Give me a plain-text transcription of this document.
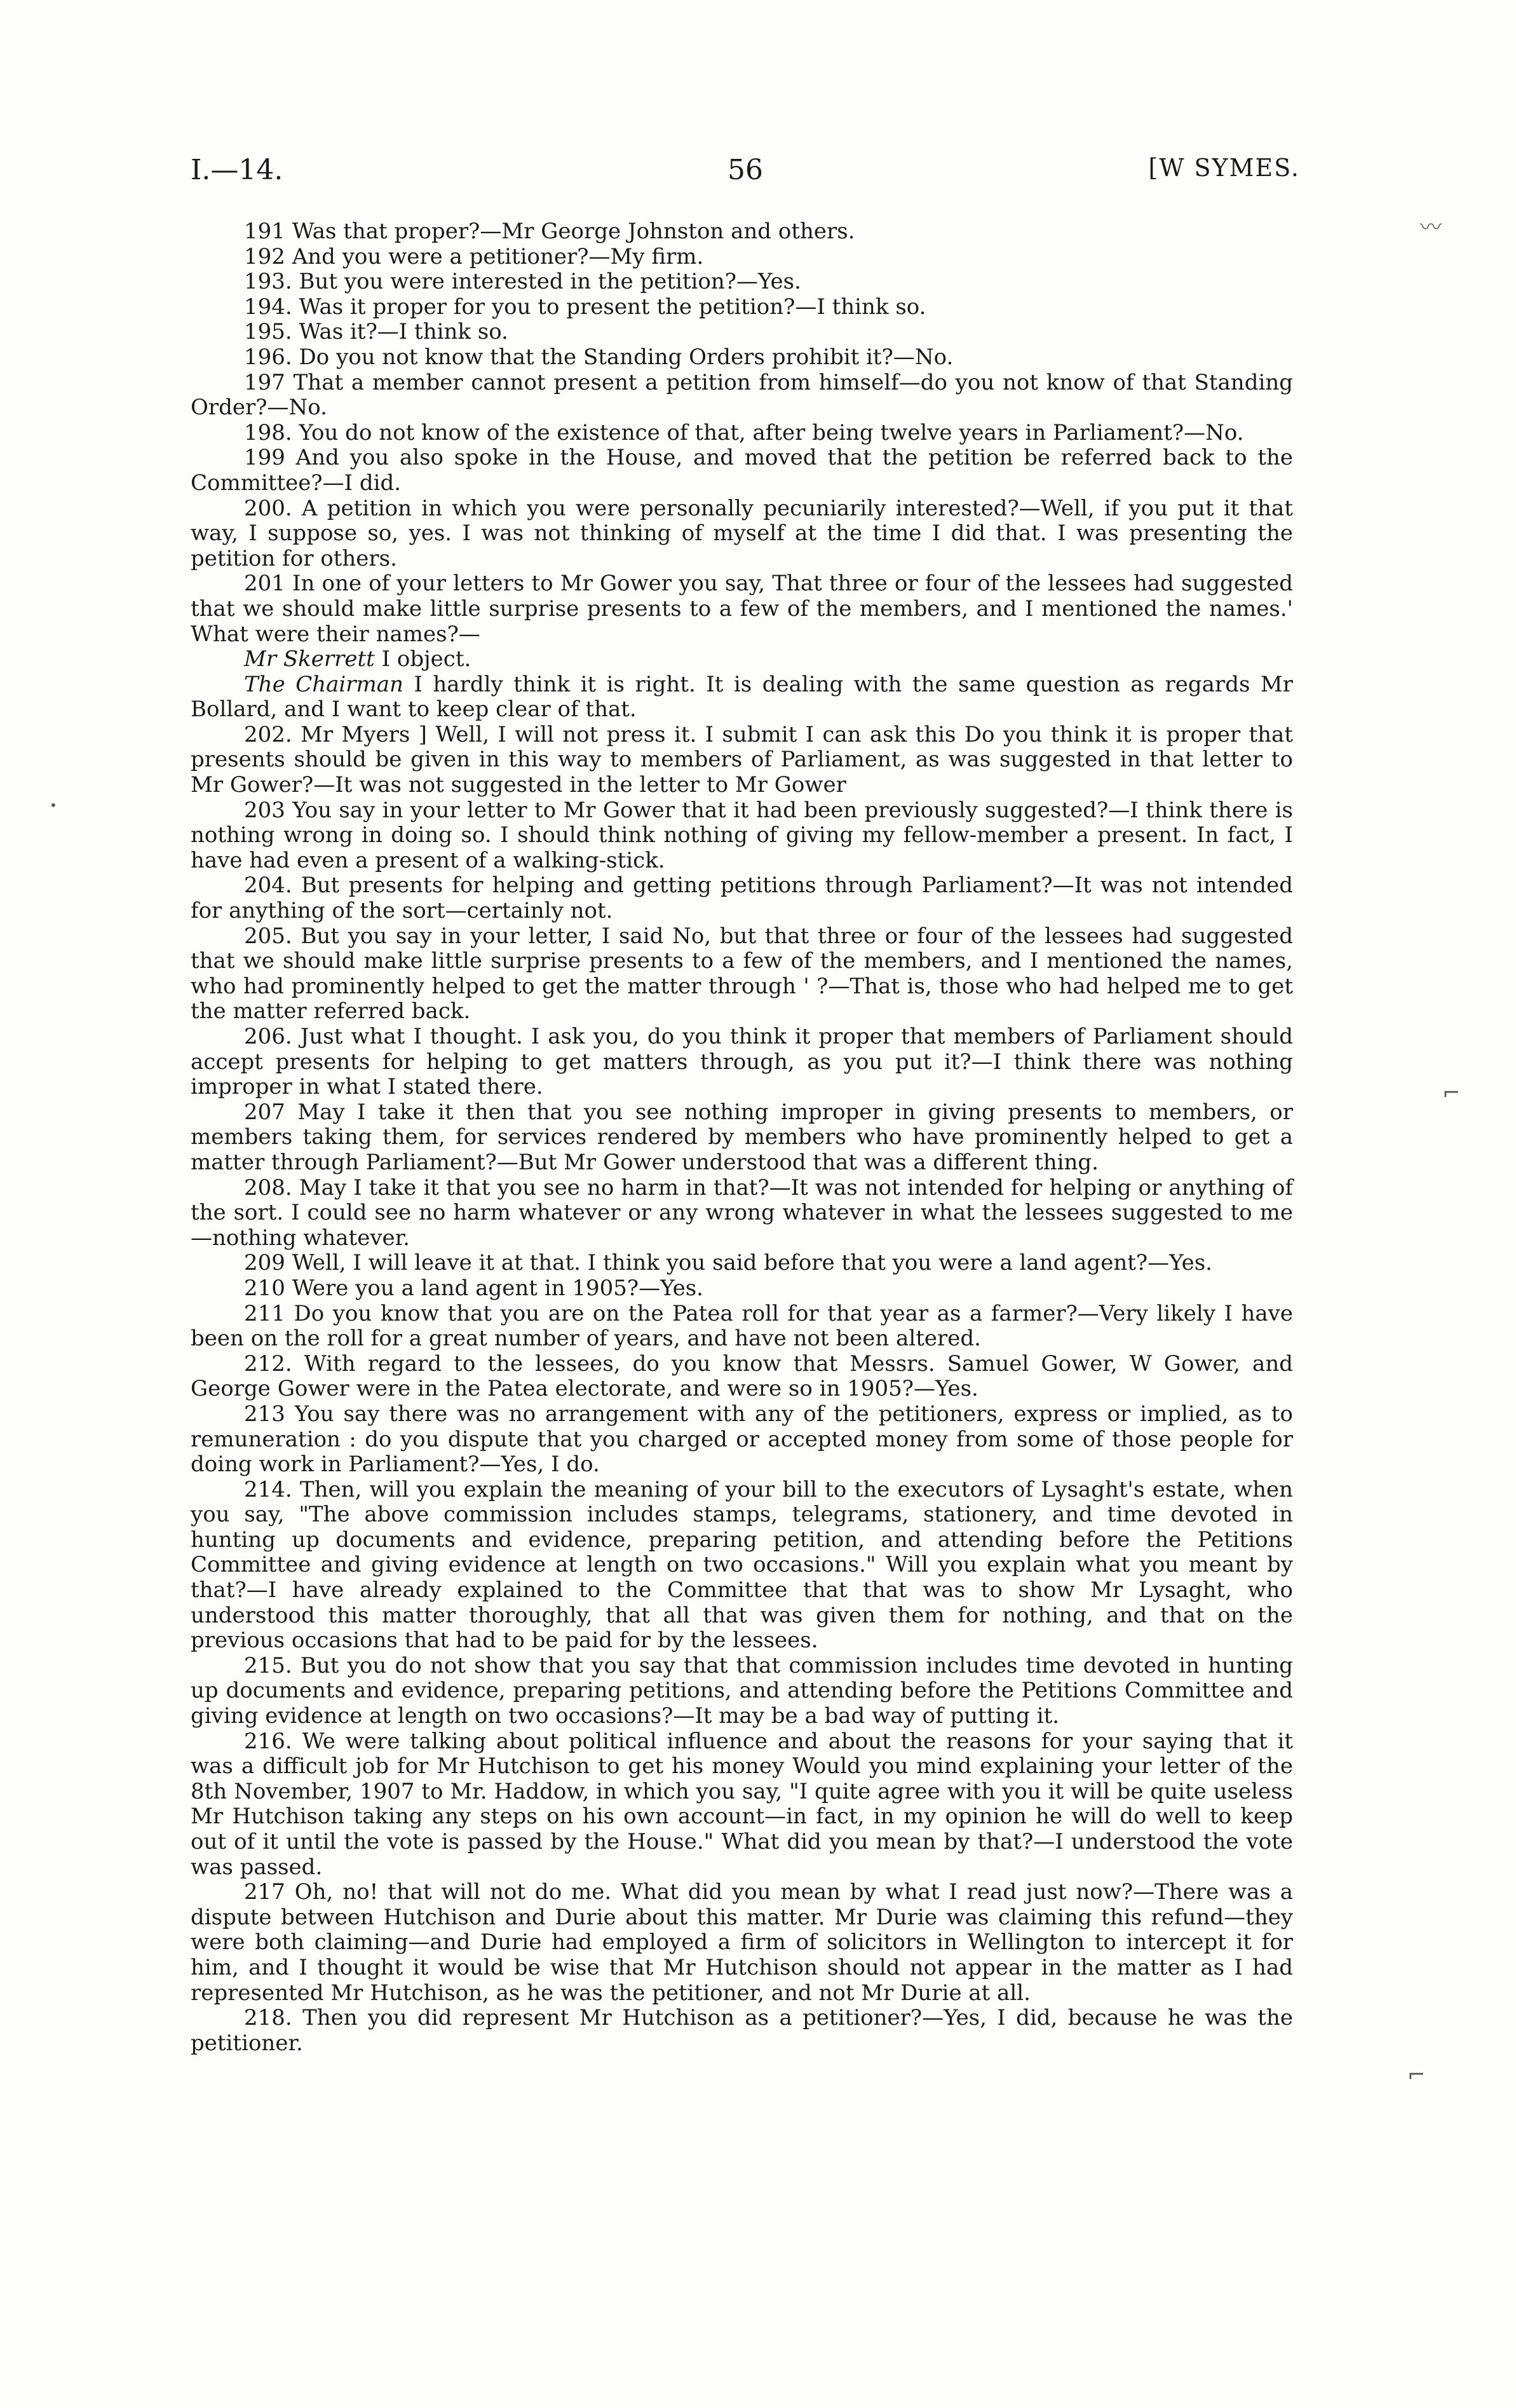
I.—14.	56	[W SYMES.

191 Was that proper?—Mr George Johnston and others.

192 And you were a petitioner?—My firm.

193. But you were interested in the petition?—Yes.

194. Was it proper for you to present the petition?—I think so.

195. Was it?—I think so.

196. Do you not know that the Standing Orders prohibit it?—No.

197 That a member cannot present a petition from himself—do you not know of that Standing Order?—No.

198. You do not know of the existence of that, after being twelve years in Parliament?—No.

199 And you also spoke in the House, and moved that the petition be referred back to the Committee?—I did.

200. A petition in which you were personally pecuniarily interested?—Well, if you put it that way, I suppose so, yes. I was not thinking of myself at the time I did that. I was presenting the petition for others.

201 In one of your letters to Mr Gower you say, That three or four of the lessees had suggested that we should make little surprise presents to a few of the members, and I mentioned the names.' What were their names?—

Mr Skerrett I object.

The Chairman I hardly think it is right. It is dealing with the same question as regards Mr Bollard, and I want to keep clear of that.

202. Mr Myers ] Well, I will not press it. I submit I can ask this Do you think it is proper that presents should be given in this way to members of Parliament, as was suggested in that letter to Mr Gower?—It was not suggested in the letter to Mr Gower

203 You say in your letter to Mr Gower that it had been previously suggested?—I think there is nothing wrong in doing so. I should think nothing of giving my fellow-member a present. In fact, I have had even a present of a walking-stick.

204. But presents for helping and getting petitions through Parliament?—It was not intended for anything of the sort—certainly not.

205. But you say in your letter, I said No, but that three or four of the lessees had suggested that we should make little surprise presents to a few of the members, and I mentioned the names, who had prominently helped to get the matter through ' ?—That is, those who had helped me to get the matter referred back.

206. Just what I thought. I ask you, do you think it proper that members of Parliament should accept presents for helping to get matters through, as you put it?—I think there was nothing improper in what I stated there.

207 May I take it then that you see nothing improper in giving presents to members, or members taking them, for services rendered by members who have prominently helped to get a matter through Parliament?—But Mr Gower understood that was a different thing.

208. May I take it that you see no harm in that?—It was not intended for helping or anything of the sort. I could see no harm whatever or any wrong whatever in what the lessees suggested to me—nothing whatever.

209 Well, I will leave it at that. I think you said before that you were a land agent?—Yes.

210 Were you a land agent in 1905?—Yes.

211 Do you know that you are on the Patea roll for that year as a farmer?—Very likely I have been on the roll for a great number of years, and have not been altered.

212. With regard to the lessees, do you know that Messrs. Samuel Gower, W Gower, and George Gower were in the Patea electorate, and were so in 1905?—Yes.

213 You say there was no arrangement with any of the petitioners, express or implied, as to remuneration : do you dispute that you charged or accepted money from some of those people for doing work in Parliament?—Yes, I do.

214. Then, will you explain the meaning of your bill to the executors of Lysaght's estate, when you say, "The above commission includes stamps, telegrams, stationery, and time devoted in hunting up documents and evidence, preparing petition, and attending before the Petitions Committee and giving evidence at length on two occasions." Will you explain what you meant by that?—I have already explained to the Committee that that was to show Mr Lysaght, who understood this matter thoroughly, that all that was given them for nothing, and that on the previous occasions that had to be paid for by the lessees.

215. But you do not show that you say that that commission includes time devoted in hunting up documents and evidence, preparing petitions, and attending before the Petitions Committee and giving evidence at length on two occasions?—It may be a bad way of putting it.

216. We were talking about political influence and about the reasons for your saying that it was a difficult job for Mr Hutchison to get his money Would you mind explaining your letter of the 8th November, 1907 to Mr. Haddow, in which you say, "I quite agree with you it will be quite useless Mr Hutchison taking any steps on his own account—in fact, in my opinion he will do well to keep out of it until the vote is passed by the House." What did you mean by that?—I understood the vote was passed.

217 Oh, no! that will not do me. What did you mean by what I read just now?—There was a dispute between Hutchison and Durie about this matter. Mr Durie was claiming this refund—they were both claiming—and Durie had employed a firm of solicitors in Wellington to intercept it for him, and I thought it would be wise that Mr Hutchison should not appear in the matter as I had represented Mr Hutchison, as he was the petitioner, and not Mr Durie at all.

218. Then you did represent Mr Hutchison as a petitioner?—Yes, I did, because he was the petitioner.

〰
•
⌐
⌐
